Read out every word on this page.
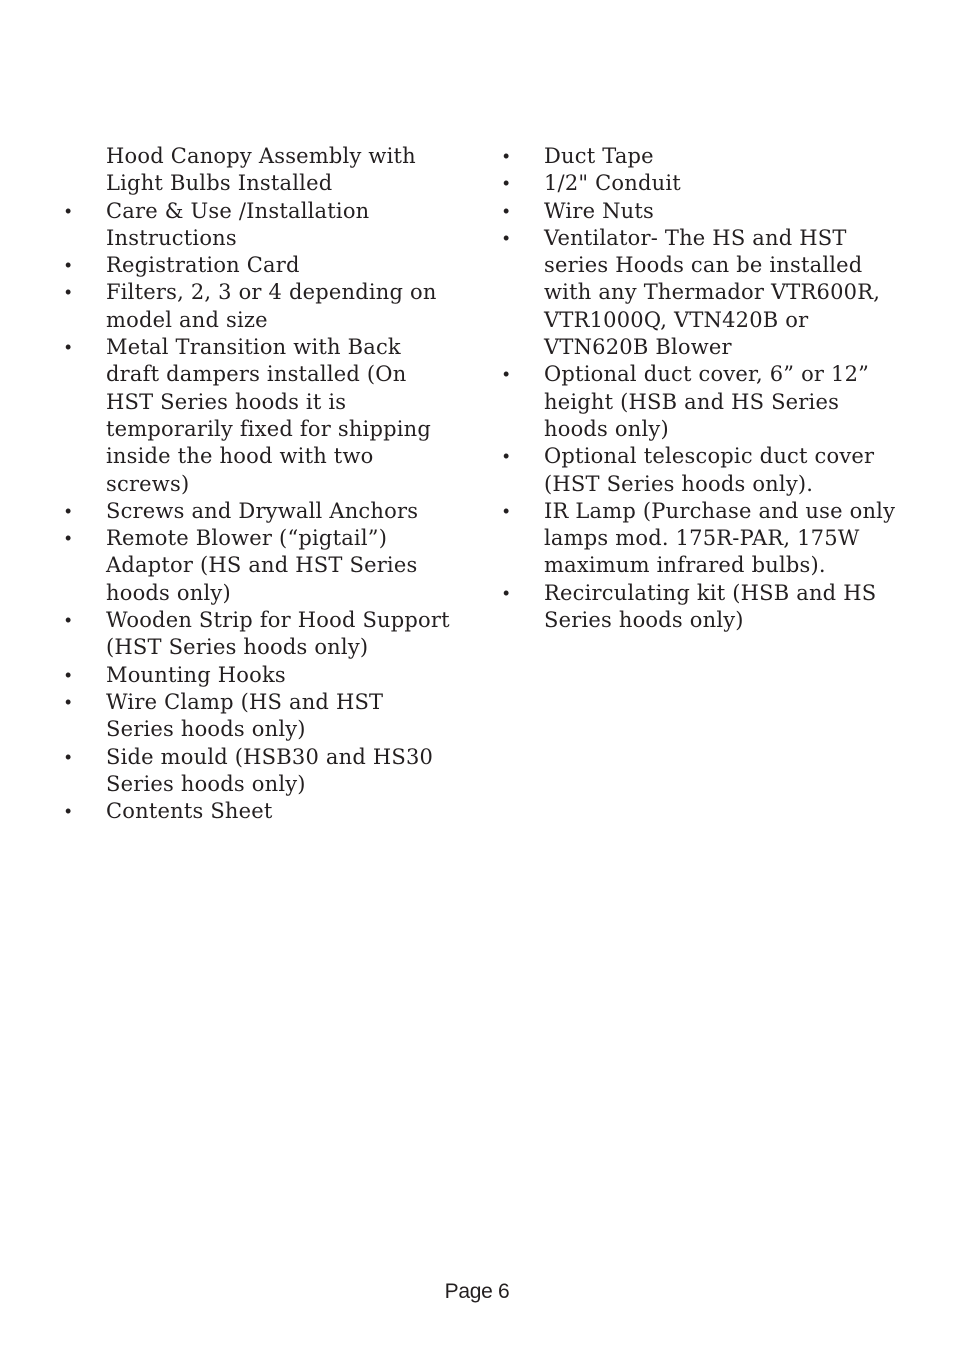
Hood Canopy Assembly with Light Bulbs Installed
• Care & Use /Installation Instructions
• Registration Card
• Filters, 2, 3 or 4 depending on model and size
• Metal Transition with Back draft dampers installed (On HST Series hoods it is temporarily fixed for shipping inside the hood with two screws)
• Screws and Drywall Anchors
• Remote Blower (“pigtail”) Adaptor (HS and HST Series hoods only)
• Wooden Strip for Hood Support (HST Series hoods only)
• Mounting Hooks
• Wire Clamp (HS and HST Series hoods only)
• Side mould (HSB30 and HS30 Series hoods only)
• Contents Sheet
• Duct Tape
• 1/2" Conduit
• Wire Nuts
• Ventilator- The HS and HST series Hoods can be installed with any Thermador VTR600R, VTR1000Q, VTN420B or VTN620B Blower
• Optional duct cover, 6” or 12” height (HSB and HS Series hoods only)
• Optional telescopic duct cover (HST Series hoods only).
• IR Lamp (Purchase and use only lamps mod. 175R-PAR, 175W maximum infrared bulbs).
• Recirculating kit (HSB and HS Series hoods only)
Page 6
